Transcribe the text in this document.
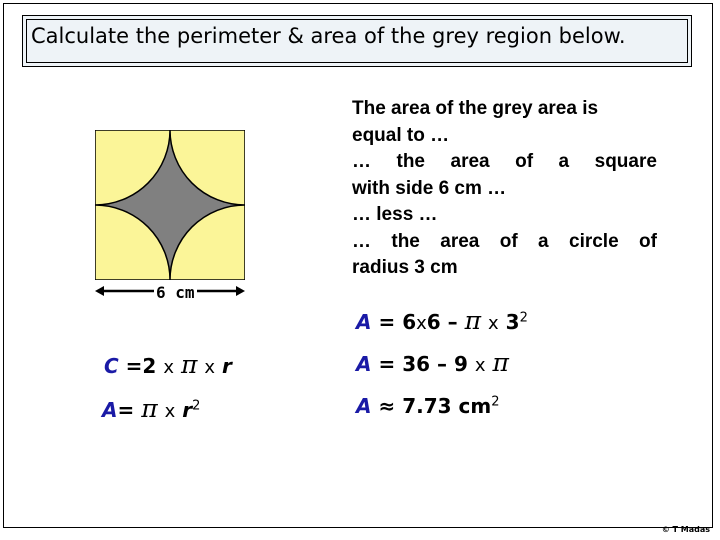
Calculate the perimeter & area of the grey region below.
6 cm
The area of the grey area is
equal to …
… the area of a square
with side 6 cm …
… less …
… the area of a circle of
radius 3 cm
C =2 x π x r
A= π x $r^2$
A = 6x6 – π x $3^2$
A = 36 – 9 x π
A ≈ 7.73 $cm^2$
© T Madas
